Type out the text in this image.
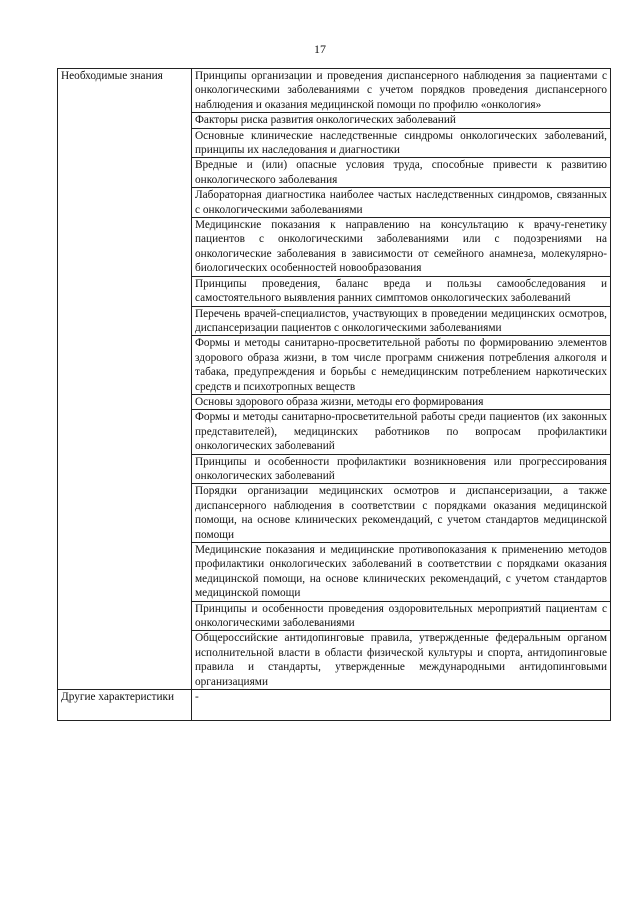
17
Необходимые знания	Принципы организации и проведения диспансерного наблюдения за пациентами с онкологическими заболеваниями с учетом порядков проведения диспансерного наблюдения и оказания медицинской помощи по профилю «онкология»
	Факторы риска развития онкологических заболеваний
	Основные клинические наследственные синдромы онкологических заболеваний, принципы их наследования и диагностики
	Вредные и (или) опасные условия труда, способные привести к развитию онкологического заболевания
	Лабораторная диагностика наиболее частых наследственных синдромов, связанных с онкологическими заболеваниями
	Медицинские показания к направлению на консультацию к врачу-генетику пациентов с онкологическими заболеваниями или с подозрениями на онкологические заболевания в зависимости от семейного анамнеза, молекулярно-биологических особенностей новообразования
	Принципы проведения, баланс вреда и пользы самообследования и самостоятельного выявления ранних симптомов онкологических заболеваний
	Перечень врачей-специалистов, участвующих в проведении медицинских осмотров, диспансеризации пациентов с онкологическими заболеваниями
	Формы и методы санитарно-просветительной работы по формированию элементов здорового образа жизни, в том числе программ снижения потребления алкоголя и табака, предупреждения и борьбы с немедицинским потреблением наркотических средств и психотропных веществ
	Основы здорового образа жизни, методы его формирования
	Формы и методы санитарно-просветительной работы среди пациентов (их законных представителей), медицинских работников по вопросам профилактики онкологических заболеваний
	Принципы и особенности профилактики возникновения или прогрессирования онкологических заболеваний
	Порядки организации медицинских осмотров и диспансеризации, а также диспансерного наблюдения в соответствии с порядками оказания медицинской помощи, на основе клинических рекомендаций, с учетом стандартов медицинской помощи
	Медицинские показания и медицинские противопоказания к применению методов профилактики онкологических заболеваний в соответствии с порядками оказания медицинской помощи, на основе клинических рекомендаций, с учетом стандартов медицинской помощи
	Принципы и особенности проведения оздоровительных мероприятий пациентам с онкологическими заболеваниями
	Общероссийские антидопинговые правила, утвержденные федеральным органом исполнительной власти в области физической культуры и спорта, антидопинговые правила и стандарты, утвержденные международными антидопинговыми организациями
Другие характеристики	-
